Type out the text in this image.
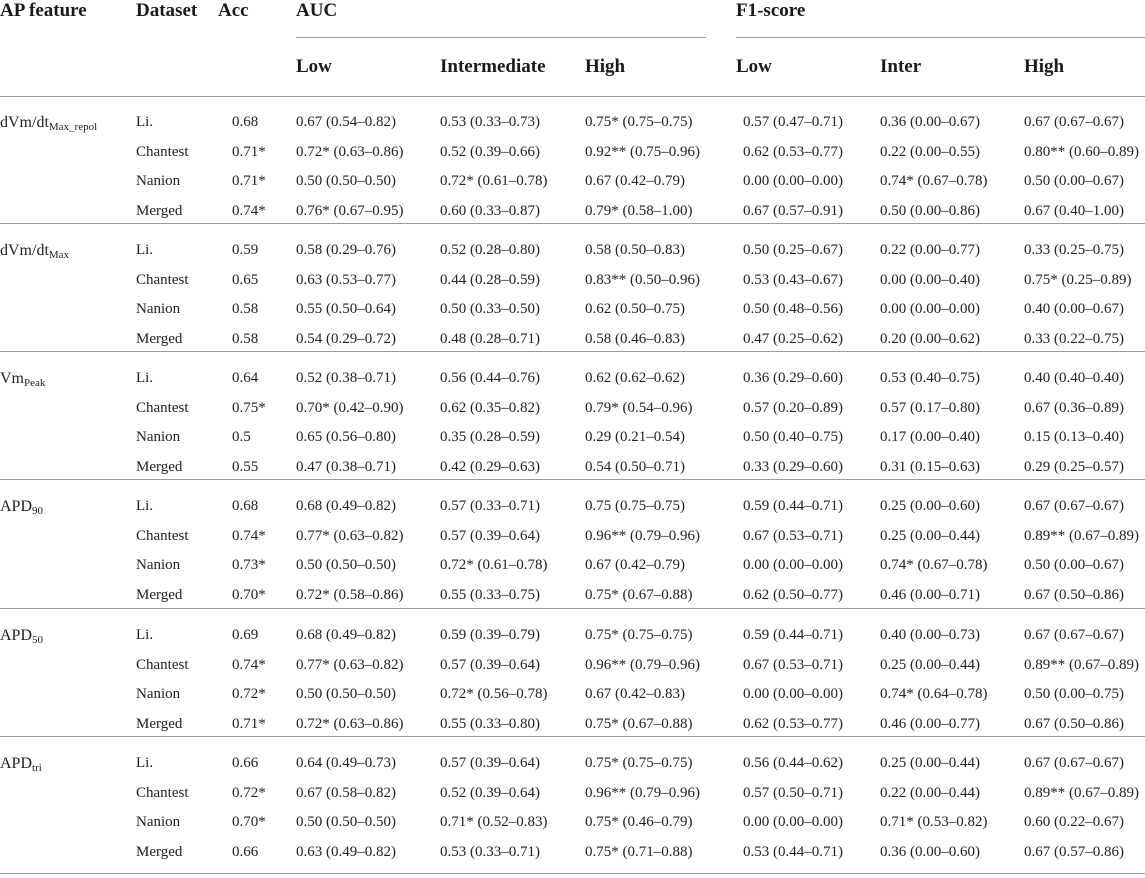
AP feature	Dataset Acc AUC	F1-score
Low	Intermediate High	Low	Inter	High
dVm/$dt_{Max\_repol}$	Li.	0.68	0.67 (0.54–0.82)	0.53 (0.33–0.73)	0.75* (0.75–0.75)	0.57 (0.47–0.71) 0.36 (0.00–0.67)	0.67 (0.67–0.67)
Chantest	0.71* 0.72* (0.63–0.86) 0.52 (0.39–0.66)	0.92** (0.75–0.96)	0.62 (0.53–0.77) 0.22 (0.00–0.55)	0.80** (0.60–0.89)
Nanion	0.71* 0.50 (0.50–0.50)	0.72* (0.61–0.78)	0.67 (0.42–0.79)	0.00 (0.00–0.00) 0.74* (0.67–0.78) 0.50 (0.00–0.67)
Merged	0.74* 0.76* (0.67–0.95) 0.60 (0.33–0.87)	0.79* (0.58–1.00)	0.67 (0.57–0.91) 0.50 (0.00–0.86)	0.67 (0.40–1.00)
dVm/$dt_{Max}$	Li.	0.59	0.58 (0.29–0.76)	0.52 (0.28–0.80)	0.58 (0.50–0.83)	0.50 (0.25–0.67) 0.22 (0.00–0.77)	0.33 (0.25–0.75)
Chantest	0.65	0.63 (0.53–0.77)	0.44 (0.28–0.59)	0.83** (0.50–0.96)	0.53 (0.43–0.67) 0.00 (0.00–0.40)	0.75* (0.25–0.89)
Nanion	0.58	0.55 (0.50–0.64)	0.50 (0.33–0.50)	0.62 (0.50–0.75)	0.50 (0.48–0.56) 0.00 (0.00–0.00)	0.40 (0.00–0.67)
Merged	0.58	0.54 (0.29–0.72)	0.48 (0.28–0.71)	0.58 (0.46–0.83)	0.47 (0.25–0.62) 0.20 (0.00–0.62)	0.33 (0.22–0.75)
$Vm_{Peak}$	Li.	0.64	0.52 (0.38–0.71)	0.56 (0.44–0.76)	0.62 (0.62–0.62)	0.36 (0.29–0.60) 0.53 (0.40–0.75)	0.40 (0.40–0.40)
Chantest	0.75* 0.70* (0.42–0.90) 0.62 (0.35–0.82)	0.79* (0.54–0.96)	0.57 (0.20–0.89) 0.57 (0.17–0.80)	0.67 (0.36–0.89)
Nanion	0.5	0.65 (0.56–0.80)	0.35 (0.28–0.59)	0.29 (0.21–0.54)	0.50 (0.40–0.75) 0.17 (0.00–0.40)	0.15 (0.13–0.40)
Merged	0.55	0.47 (0.38–0.71)	0.42 (0.29–0.63)	0.54 (0.50–0.71)	0.33 (0.29–0.60) 0.31 (0.15–0.63)	0.29 (0.25–0.57)
$APD_{90}$	Li.	0.68	0.68 (0.49–0.82)	0.57 (0.33–0.71)	0.75 (0.75–0.75)	0.59 (0.44–0.71) 0.25 (0.00–0.60)	0.67 (0.67–0.67)
Chantest	0.74* 0.77* (0.63–0.82) 0.57 (0.39–0.64)	0.96** (0.79–0.96)	0.67 (0.53–0.71) 0.25 (0.00–0.44)	0.89** (0.67–0.89)
Nanion	0.73* 0.50 (0.50–0.50)	0.72* (0.61–0.78)	0.67 (0.42–0.79)	0.00 (0.00–0.00) 0.74* (0.67–0.78) 0.50 (0.00–0.67)
Merged	0.70* 0.72* (0.58–0.86) 0.55 (0.33–0.75)	0.75* (0.67–0.88)	0.62 (0.50–0.77) 0.46 (0.00–0.71)	0.67 (0.50–0.86)
$APD_{50}$	Li.	0.69	0.68 (0.49–0.82)	0.59 (0.39–0.79)	0.75* (0.75–0.75)	0.59 (0.44–0.71) 0.40 (0.00–0.73)	0.67 (0.67–0.67)
Chantest	0.74* 0.77* (0.63–0.82) 0.57 (0.39–0.64)	0.96** (0.79–0.96)	0.67 (0.53–0.71) 0.25 (0.00–0.44)	0.89** (0.67–0.89)
Nanion	0.72* 0.50 (0.50–0.50)	0.72* (0.56–0.78)	0.67 (0.42–0.83)	0.00 (0.00–0.00) 0.74* (0.64–0.78) 0.50 (0.00–0.75)
Merged	0.71* 0.72* (0.63–0.86) 0.55 (0.33–0.80)	0.75* (0.67–0.88)	0.62 (0.53–0.77) 0.46 (0.00–0.77)	0.67 (0.50–0.86)
$APD_{tri}$	Li.	0.66	0.64 (0.49–0.73)	0.57 (0.39–0.64)	0.75* (0.75–0.75)	0.56 (0.44–0.62) 0.25 (0.00–0.44)	0.67 (0.67–0.67)
Chantest	0.72* 0.67 (0.58–0.82)	0.52 (0.39–0.64)	0.96** (0.79–0.96)	0.57 (0.50–0.71) 0.22 (0.00–0.44)	0.89** (0.67–0.89)
Nanion	0.70* 0.50 (0.50–0.50)	0.71* (0.52–0.83)	0.75* (0.46–0.79)	0.00 (0.00–0.00) 0.71* (0.53–0.82) 0.60 (0.22–0.67)
Merged	0.66	0.63 (0.49–0.82)	0.53 (0.33–0.71)	0.75* (0.71–0.88)	0.53 (0.44–0.71) 0.36 (0.00–0.60)	0.67 (0.57–0.86)
